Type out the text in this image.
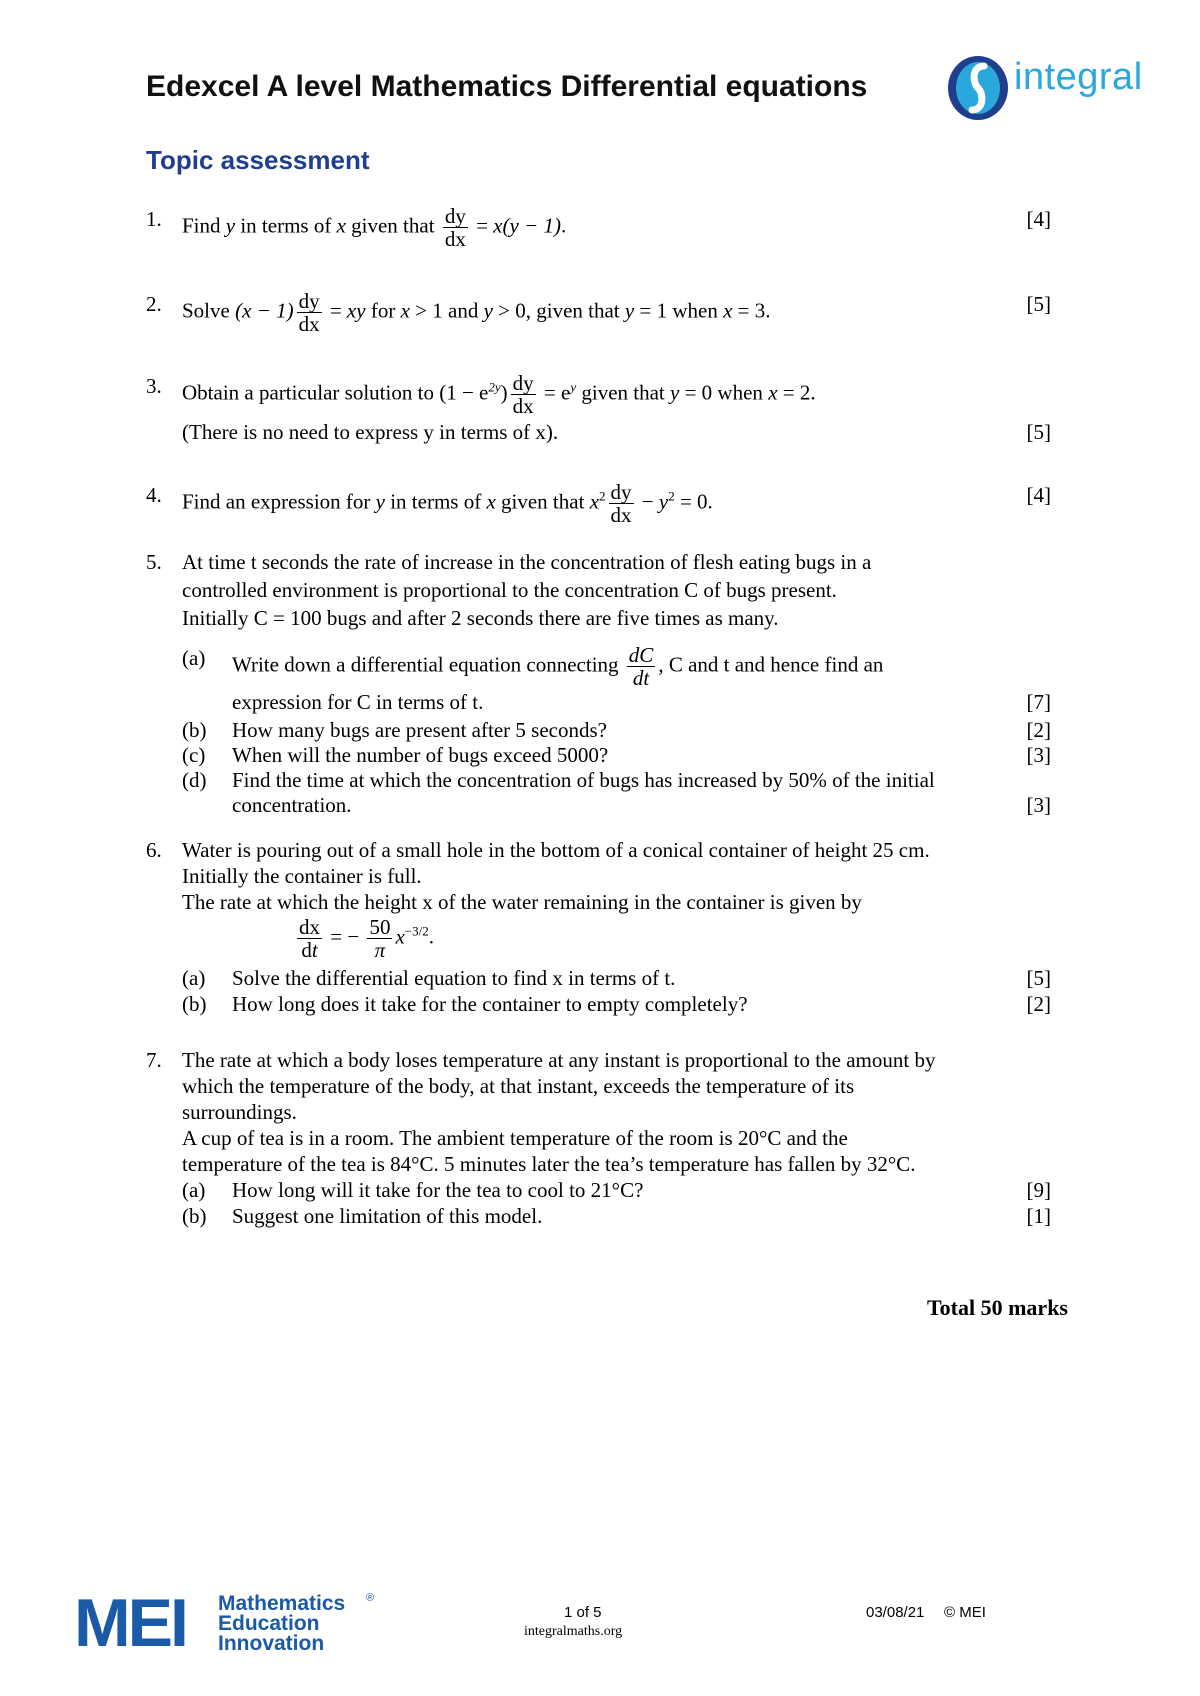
Edexcel A level Mathematics Differential equations	integral
Topic assessment
1. Find y in terms of x given that $\frac{dy}{dx} = x(y - 1)$.	[4]
2. Solve $(x - 1) \frac{dy}{dx}$ = xy for x > 1 and y > 0, given that y = 1 when x = 3.	[5]
3. Obtain a particular solution to $(1 - e^{2y}) \frac{dy}{dx} = e^y$ given that y = 0 when x = 2.
(There is no need to express y in terms of x).	[5]
4. Find an expression for y in terms of x given that $x^2 \frac{dy}{dx} - y^2 = 0$.	[4]
5. At time t seconds the rate of increase in the concentration of flesh eating bugs in a
controlled environment is proportional to the concentration C of bugs present.
Initially C = 100 bugs and after 2 seconds there are five times as many.
(a) Write down a differential equation connecting $\frac{dC}{dt}$ , C and t and hence find an
expression for C in terms of t.	[7]
(b) How many bugs are present after 5 seconds?	[2]
(c) When will the number of bugs exceed 5000?	[3]
(d) Find the time at which the concentration of bugs has increased by 50% of the initial
concentration.	[3]
6. Water is pouring out of a small hole in the bottom of a conical container of height 25 cm.
Initially the container is full.
The rate at which the height x of the water remaining in the container is given by
$\frac{dx}{dt}$ = − $\frac{50}{\pi} x^{-3/2}$.
(a) Solve the differential equation to find x in terms of t.	[5]
(b) How long does it take for the container to empty completely?	[2]
7. The rate at which a body loses temperature at any instant is proportional to the amount by
which the temperature of the body, at that instant, exceeds the temperature of its
surroundings.
A cup of tea is in a room. The ambient temperature of the room is 20°C and the
temperature of the tea is 84°C. 5 minutes later the tea’s temperature has fallen by 32°C.
(a) How long will it take for the tea to cool to 21°C?	[9]
(b) Suggest one limitation of this model.	[1]
Total 50 marks
MEI Mathematics
Education
Innovation
®
1 of 5
integralmaths.org
03/08/21 © MEI
